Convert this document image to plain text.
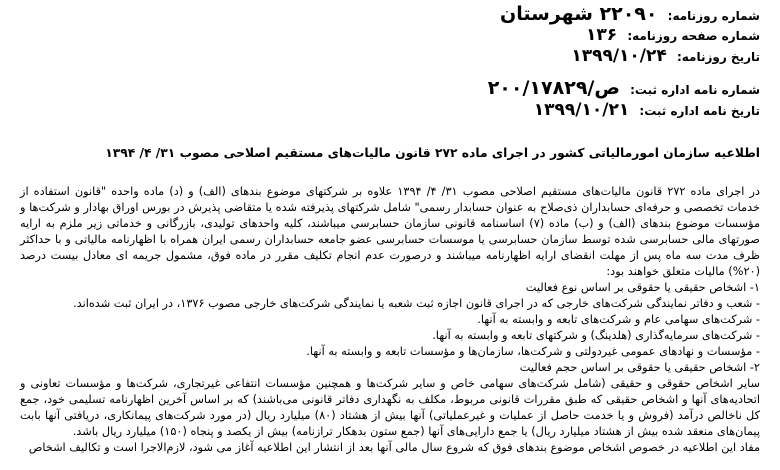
شماره روزنامه: ۲۲۰۹۰ شهرستان
شماره صفحه روزنامه: ۱۳۶
تاریخ روزنامه: ۱۳۹۹/۱۰/۲۴
شماره نامه اداره ثبت: ص/۲۰۰/۱۷۸۲۹
تاریخ نامه اداره ثبت: ۱۳۹۹/۱۰/۲۱
اطلاعیه سازمان امورمالیاتی کشور در اجرای ماده ۲۷۲ قانون مالیات‌های مستقیم اصلاحی مصوب ۳۱/ ۴/ ۱۳۹۴

در اجرای ماده ۲۷۲ قانون مالیات‌های مستقیم اصلاحی مصوب ۳۱/ ۴/ ۱۳۹۴ علاوه بر شرکتهای موضوع بندهای (الف) و (د) ماده واحده "قانون استفاده از خدمات تخصصی و حرفه‌ای حسابداران ذی‌صلاح به عنوان حسابدار رسمی" شامل شرکتهای پذیرفته شده یا متقاضی پذیرش در بورس اوراق بهادار و شرکت‌ها و مؤسسات موضوع بندهای (الف) و (ب) ماده (۷) اساسنامه قانونی سازمان حسابرسی میباشند، کلیه واحدهای تولیدی، بازرگانی و خدماتی زیر ملزم به ارایه صورتهای مالی حسابرسی شده توسط سازمان حسابرسی یا موسسات حسابرسی عضو جامعه حسابداران رسمی ایران همراه با اظهارنامه مالیاتی و با حداکثر ظرف مدت سه ماه پس از مهلت انقضای ارایه اظهارنامه میباشند و درصورت عدم انجام تکلیف مقرر در ماده فوق، مشمول جریمه ای معادل بیست درصد (۲۰%) مالیات متعلق خواهند بود:

۱- اشخاص حقیقی یا حقوقی بر اساس نوع فعالیت

- شعب و دفاتر نمایندگی شرکت‌های خارجی که در اجرای قانون اجازه ثبت شعبه یا نمایندگی شرکت‌های خارجی مصوب ۱۳۷۶، در ایران ثبت شده‌اند.

- شرکت‌های سهامی عام و شرکت‌های تابعه و وابسته به آنها.

- شرکت‌های سرمایه‌گذاری (هلدینگ) و شرکتهای تابعه و وابسته به آنها.

- مؤسسات و نهادهای عمومی غیردولتی و شرکت‌ها، سازمان‌ها و مؤسسات تابعه و وابسته به آنها.

۲- اشخاص حقیقی یا حقوقی بر اساس حجم فعالیت

سایر اشخاص حقوقی و حقیقی (شامل شرکت‌های سهامی خاص و سایر شرکت‌ها و همچنین مؤسسات انتفاعی غیرتجاری، شرکت‌ها و مؤسسات تعاونی و اتحادیه‌های آنها و اشخاص حقیقی که طبق مقررات قانونی مربوط، مکلف به نگهداری دفاتر قانونی می‌باشند) که بر اساس آخرین اظهارنامه تسلیمی خود، جمع کل ناخالص درآمد (فروش و یا خدمت حاصل از عملیات و غیرعملیاتی) آنها بیش از هشتاد (۸۰) میلیارد ریال (در مورد شرکت‌های پیمانکاری، دریافتی آنها بابت پیمان‌های منعقد شده بیش از هشتاد میلیارد ریال) یا جمع دارایی‌های آنها (جمع ستون بدهکار ترازنامه) بیش از یکصد و پنجاه (۱۵۰) میلیارد ریال باشد.

مفاد این اطلاعیه در خصوص اشخاص موضوع بندهای فوق که شروع سال مالی آنها بعد از انتشار این اطلاعیه آغاز می شود، لازم‌الاجرا است و تکالیف اشخاص
